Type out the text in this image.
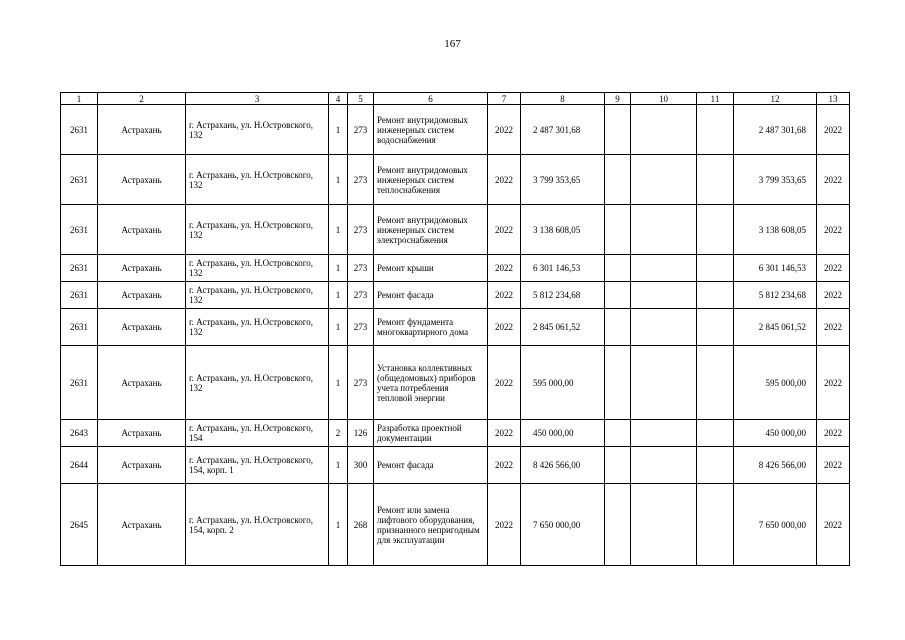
167
1	2	3	4	5	6	7	8	9	10	11	12	13
2631	Астрахань	г. Астрахань, ул. Н.Островского, 132	1	273	Ремонт внутридомовых инженерных систем водоснабжения	2022	2 487 301,68				2 487 301,68	2022
2631	Астрахань	г. Астрахань, ул. Н.Островского, 132	1	273	Ремонт внутридомовых инженерных систем теплоснабжения	2022	3 799 353,65				3 799 353,65	2022
2631	Астрахань	г. Астрахань, ул. Н.Островского, 132	1	273	Ремонт внутридомовых инженерных систем электроснабжения	2022	3 138 608,05				3 138 608,05	2022
2631	Астрахань	г. Астрахань, ул. Н.Островского, 132	1	273	Ремонт крыши	2022	6 301 146,53				6 301 146,53	2022
2631	Астрахань	г. Астрахань, ул. Н.Островского, 132	1	273	Ремонт фасада	2022	5 812 234,68				5 812 234,68	2022
2631	Астрахань	г. Астрахань, ул. Н.Островского, 132	1	273	Ремонт фундамента многоквартирного дома	2022	2 845 061,52				2 845 061,52	2022
2631	Астрахань	г. Астрахань, ул. Н.Островского, 132	1	273	Установка коллективных (общедомовых) приборов учета потребления тепловой энергии	2022	595 000,00				595 000,00	2022
2643	Астрахань	г. Астрахань, ул. Н.Островского, 154	2	126	Разработка проектной документации	2022	450 000,00				450 000,00	2022
2644	Астрахань	г. Астрахань, ул. Н.Островского, 154, корп. 1	1	300	Ремонт фасада	2022	8 426 566,00				8 426 566,00	2022
2645	Астрахань	г. Астрахань, ул. Н.Островского, 154, корп. 2	1	268	Ремонт или замена лифтового оборудования, признанного непригодным для эксплуатации	2022	7 650 000,00				7 650 000,00	2022
